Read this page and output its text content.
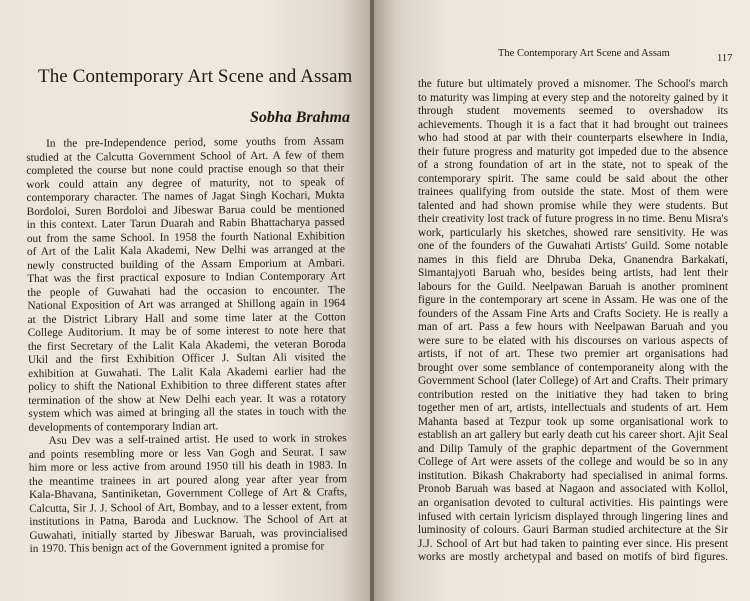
The Contemporary Art Scene and Assam
Sobha Brahma
In the pre-Independence period, some youths from Assam
studied at the Calcutta Government School of Art. A few of them
completed the course but none could practise enough so that their
work could attain any degree of maturity, not to speak of
contemporary character. The names of Jagat Singh Kochari, Mukta
Bordoloi, Suren Bordoloi and Jibeswar Barua could be mentioned
in this context. Later Tarun Duarah and Rabin Bhattacharya passed
out from the same School. In 1958 the fourth National Exhibition
of Art of the Lalit Kala Akademi, New Delhi was arranged at the
newly constructed building of the Assam Emporium at Ambari.
That was the first practical exposure to Indian Contemporary Art
the people of Guwahati had the occasion to encounter. The
National Exposition of Art was arranged at Shillong again in 1964
at the District Library Hall and some time later at the Cotton
College Auditorium. It may be of some interest to note here that
the first Secretary of the Lalit Kala Akademi, the veteran Boroda
Ukil and the first Exhibition Officer J. Sultan Ali visited the
exhibition at Guwahati. The Lalit Kala Akademi earlier had the
policy to shift the National Exhibition to three different states after
termination of the show at New Delhi each year. It was a rotatory
system which was aimed at bringing all the states in touch with the
developments of contemporary Indian art.
Asu Dev was a self-trained artist. He used to work in strokes
and points resembling more or less Van Gogh and Seurat. I saw
him more or less active from around 1950 till his death in 1983. In
the meantime trainees in art poured along year after year from
Kala-Bhavana, Santiniketan, Government College of Art & Crafts,
Calcutta, Sir J. J. School of Art, Bombay, and to a lesser extent, from
institutions in Patna, Baroda and Lucknow. The School of Art at
Guwahati, initially started by Jibeswar Baruah, was provincialised
in 1970. This benign act of the Government ignited a promise for
The Contemporary Art Scene and Assam	117
the future but ultimately proved a misnomer. The School's march
to maturity was limping at every step and the notoreity gained by it
through student movements seemed to overshadow its
achievements. Though it is a fact that it had brought out trainees
who had stood at par with their counterparts elsewhere in India,
their future progress and maturity got impeded due to the absence
of a strong foundation of art in the state, not to speak of the
contemporary spirit. The same could be said about the other
trainees qualifying from outside the state. Most of them were
talented and had shown promise while they were students. But
their creativity lost track of future progress in no time. Benu Misra's
work, particularly his sketches, showed rare sensitivity. He was
one of the founders of the Guwahati Artists' Guild. Some notable
names in this field are Dhruba Deka, Gnanendra Barkakati,
Simantajyoti Baruah who, besides being artists, had lent their
labours for the Guild. Neelpawan Baruah is another prominent
figure in the contemporary art scene in Assam. He was one of the
founders of the Assam Fine Arts and Crafts Society. He is really a
man of art. Pass a few hours with Neelpawan Baruah and you
were sure to be elated with his discourses on various aspects of
artists, if not of art. These two premier art organisations had
brought over some semblance of contemporaneity along with the
Government School (later College) of Art and Crafts. Their primary
contribution rested on the initiative they had taken to bring
together men of art, artists, intellectuals and students of art. Hem
Mahanta based at Tezpur took up some organisational work to
establish an art gallery but early death cut his career short. Ajit Seal
and Dilip Tamuly of the graphic department of the Government
College of Art were assets of the college and would be so in any
institution. Bikash Chakraborty had specialised in animal forms.
Pronob Baruah was based at Nagaon and associated with Kollol,
an organisation devoted to cultural activities. His paintings were
infused with certain lyricism displayed through lingering lines and
luminosity of colours. Gauri Barman studied architecture at the Sir
J.J. School of Art but had taken to painting ever since. His present
works are mostly archetypal and based on motifs of bird figures.
